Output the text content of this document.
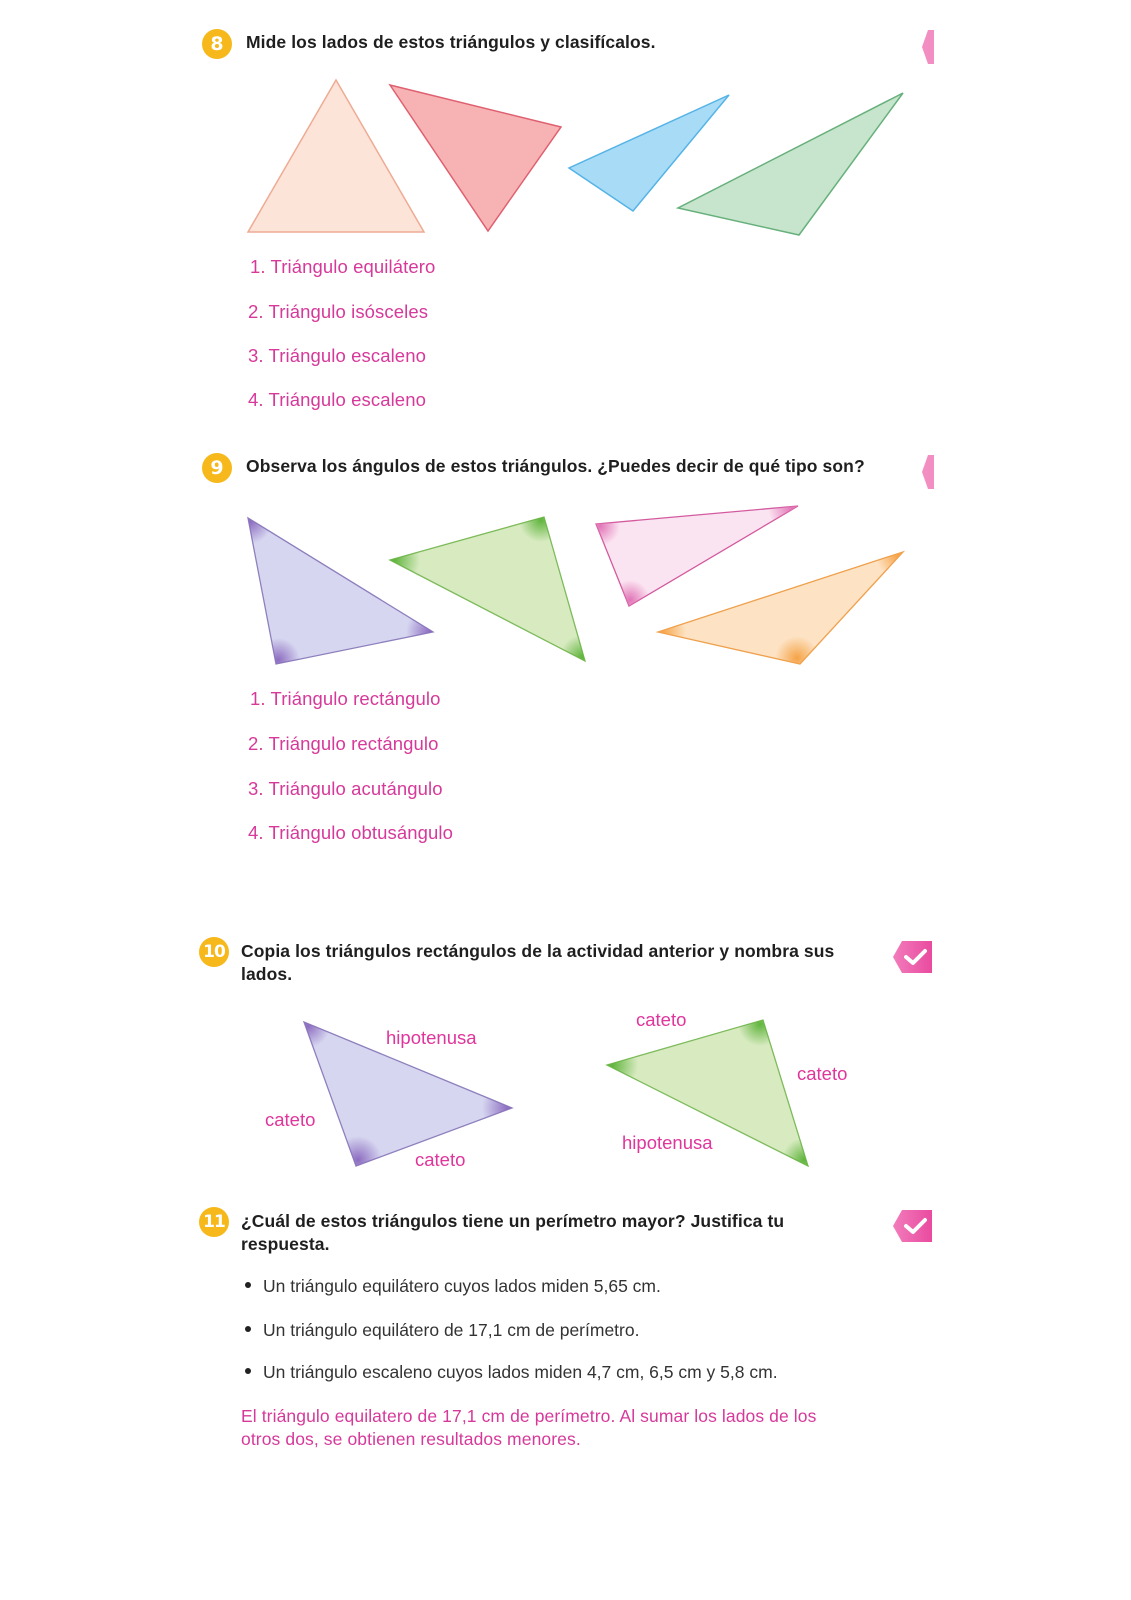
8 Mide los lados de estos triángulos y clasifícalos.
1. Triángulo equilátero
2. Triángulo isósceles
3. Triángulo escaleno
4. Triángulo escaleno
9 Observa los ángulos de estos triángulos. ¿Puedes decir de qué tipo son?
1. Triángulo rectángulo
2. Triángulo rectángulo
3. Triángulo acutángulo
4. Triángulo obtusángulo
10 Copia los triángulos rectángulos de la actividad anterior y nombra sus
lados.
hipotenusa
cateto
cateto
cateto
cateto
hipotenusa
11 ¿Cuál de estos triángulos tiene un perímetro mayor? Justifica tu
respuesta.
Un triángulo equilátero cuyos lados miden 5,65 cm.
Un triángulo equilátero de 17,1 cm de perímetro.
Un triángulo escaleno cuyos lados miden 4,7 cm, 6,5 cm y 5,8 cm.
El triángulo equilatero de 17,1 cm de perímetro. Al sumar los lados de los
otros dos, se obtienen resultados menores.
